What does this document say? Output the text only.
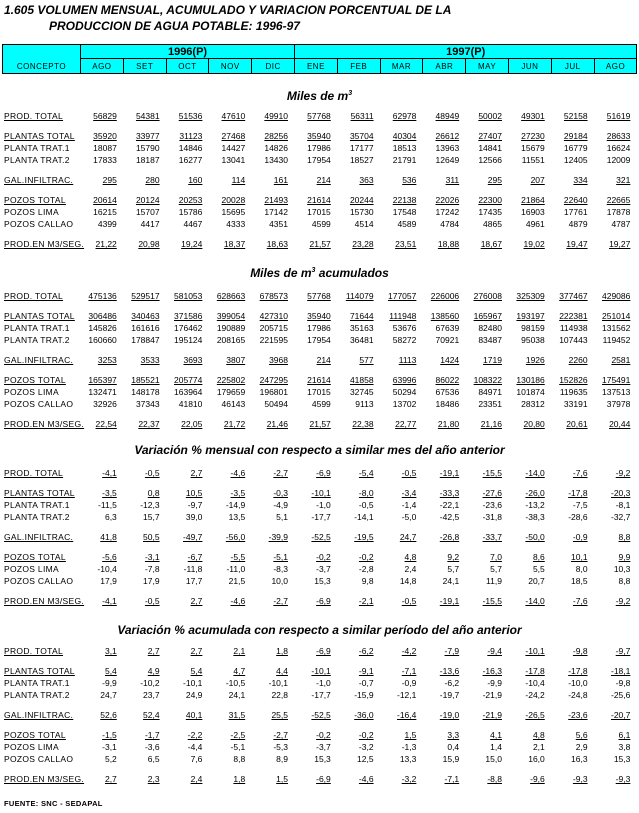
1.605 VOLUMEN MENSUAL, ACUMULADO Y VARIACION PORCENTUAL DE LA
PRODUCCION DE AGUA POTABLE: 1996-97
CONCEPTO	1996(P)					1997(P)							
	AGO	SET	OCT	NOV	DIC	ENE	FEB	MAR	ABR	MAY	JUN	JUL	AGO
Miles de $m^3$
PROD. TOTAL	56829	54381	51536	47610	49910	57768	56311	62978	48949	50002	49301	52158	51619

PLANTAS TOTAL	35920	33977	31123	27468	28256	35940	35704	40304	26612	27407	27230	29184	28633
PLANTA TRAT.1	18087	15790	14846	14427	14826	17986	17177	18513	13963	14841	15679	16779	16624
PLANTA TRAT.2	17833	18187	16277	13041	13430	17954	18527	21791	12649	12566	11551	12405	12009

GAL.INFILTRAC.	295	280	160	114	161	214	363	536	311	295	207	334	321

POZOS TOTAL	20614	20124	20253	20028	21493	21614	20244	22138	22026	22300	21864	22640	22665
POZOS LIMA	16215	15707	15786	15695	17142	17015	15730	17548	17242	17435	16903	17761	17878
POZOS CALLAO	4399	4417	4467	4333	4351	4599	4514	4589	4784	4865	4961	4879	4787

PROD.EN M3/SEG.	21,22	20,98	19,24	18,37	18,63	21,57	23,28	23,51	18,88	18,67	19,02	19,47	19,27
Miles de $m^3$ acumulados
PROD. TOTAL	475136	529517	581053	628663	678573	57768	114079	177057	226006	276008	325309	377467	429086

PLANTAS TOTAL	306486	340463	371586	399054	427310	35940	71644	111948	138560	165967	193197	222381	251014
PLANTA TRAT.1	145826	161616	176462	190889	205715	17986	35163	53676	67639	82480	98159	114938	131562
PLANTA TRAT.2	160660	178847	195124	208165	221595	17954	36481	58272	70921	83487	95038	107443	119452

GAL.INFILTRAC.	3253	3533	3693	3807	3968	214	577	1113	1424	1719	1926	2260	2581

POZOS TOTAL	165397	185521	205774	225802	247295	21614	41858	63996	86022	108322	130186	152826	175491
POZOS LIMA	132471	148178	163964	179659	196801	17015	32745	50294	67536	84971	101874	119635	137513
POZOS CALLAO	32926	37343	41810	46143	50494	4599	9113	13702	18486	23351	28312	33191	37978

PROD.EN M3/SEG.	22,54	22,37	22,05	21,72	21,46	21,57	22,38	22,77	21,80	21,16	20,80	20,61	20,44
Variación % mensual con respecto a similar mes del año anterior
PROD. TOTAL	-4,1	-0,5	2,7	-4,6	-2,7	-6,9	-5,4	-0,5	-19,1	-15,5	-14,0	-7,6	-9,2

PLANTAS TOTAL	-3,5	0,8	10,5	-3,5	-0,3	-10,1	-8,0	-3,4	-33,3	-27,6	-26,0	-17,8	-20,3
PLANTA TRAT.1	-11,5	-12,3	-9,7	-14,9	-4,9	-1,0	-0,5	-1,4	-22,1	-23,6	-13,2	-7,5	-8,1
PLANTA TRAT.2	6,3	15,7	39,0	13,5	5,1	-17,7	-14,1	-5,0	-42,5	-31,8	-38,3	-28,6	-32,7

GAL.INFILTRAC.	41,8	50,5	-49,7	-56,0	-39,9	-52,5	-19,5	24,7	-26,8	-33,7	-50,0	-0,9	8,8

POZOS TOTAL	-5,6	-3,1	-6,7	-5,5	-5,1	-0,2	-0,2	4,8	9,2	7,0	8,6	10,1	9,9
POZOS LIMA	-10,4	-7,8	-11,8	-11,0	-8,3	-3,7	-2,8	2,4	5,7	5,7	5,5	8,0	10,3
POZOS CALLAO	17,9	17,9	17,7	21,5	10,0	15,3	9,8	14,8	24,1	11,9	20,7	18,5	8,8

PROD.EN M3/SEG.	-4,1	-0,5	2,7	-4,6	-2,7	-6,9	-2,1	-0,5	-19,1	-15,5	-14,0	-7,6	-9,2
Variación % acumulada con respecto a similar período del año anterior
PROD. TOTAL	3,1	2,7	2,7	2,1	1,8	-6,9	-6,2	-4,2	-7,9	-9,4	-10,1	-9,8	-9,7

PLANTAS TOTAL	5,4	4,9	5,4	4,7	4,4	-10,1	-9,1	-7,1	-13,6	-16,3	-17,8	-17,8	-18,1
PLANTA TRAT.1	-9,9	-10,2	-10,1	-10,5	-10,1	-1,0	-0,7	-0,9	-6,2	-9,9	-10,4	-10,0	-9,8
PLANTA TRAT.2	24,7	23,7	24,9	24,1	22,8	-17,7	-15,9	-12,1	-19,7	-21,9	-24,2	-24,8	-25,6

GAL.INFILTRAC.	52,6	52,4	40,1	31,5	25,5	-52,5	-36,0	-16,4	-19,0	-21,9	-26,5	-23,6	-20,7

POZOS TOTAL	-1,5	-1,7	-2,2	-2,5	-2,7	-0,2	-0,2	1,5	3,3	4,1	4,8	5,6	6,1
POZOS LIMA	-3,1	-3,6	-4,4	-5,1	-5,3	-3,7	-3,2	-1,3	0,4	1,4	2,1	2,9	3,8
POZOS CALLAO	5,2	6,5	7,6	8,8	8,9	15,3	12,5	13,3	15,9	15,0	16,0	16,3	15,3

PROD.EN M3/SEG.	2,7	2,3	2,4	1,8	1,5	-6,9	-4,6	-3,2	-7,1	-8,8	-9,6	-9,3	-9,3
FUENTE: SNC - SEDAPAL
